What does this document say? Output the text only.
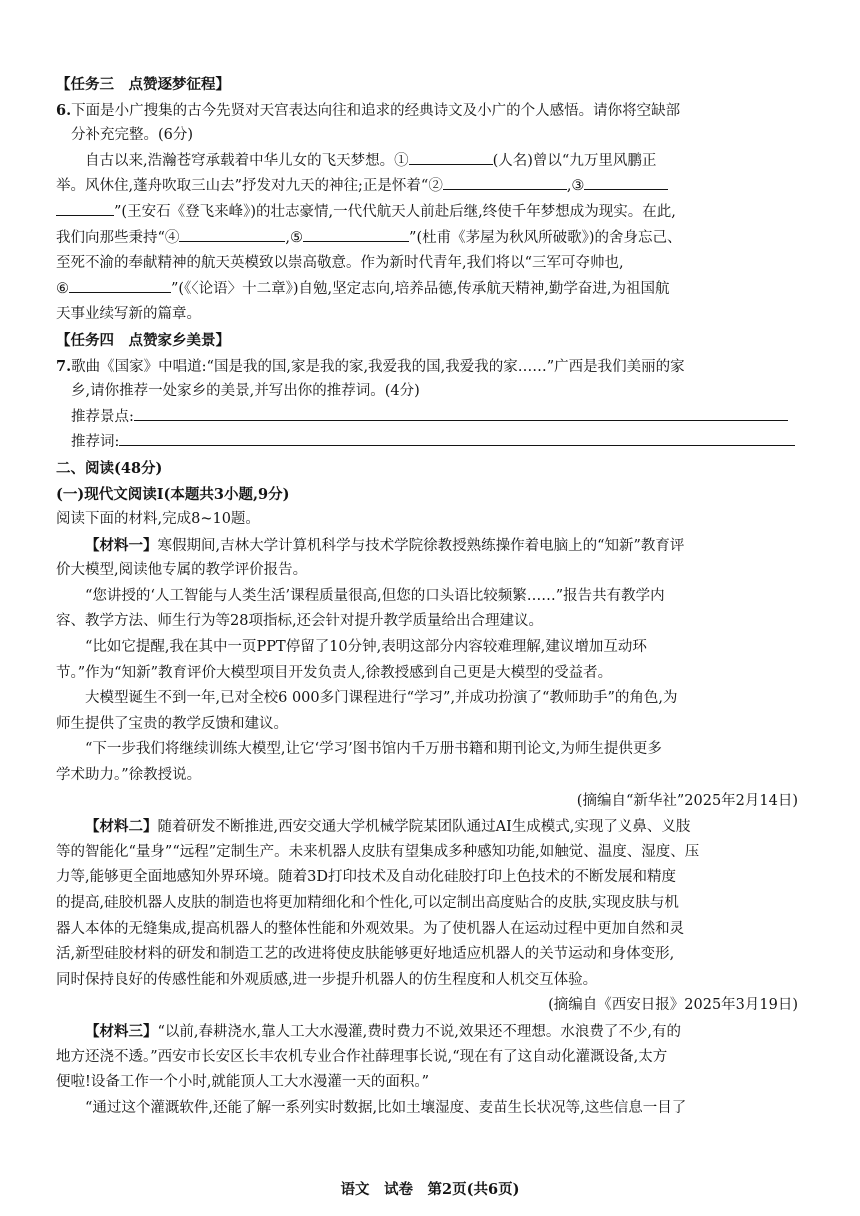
【任务三　点赞逐梦征程】
6.下面是小广搜集的古今先贤对天宫表达向往和追求的经典诗文及小广的个人感悟。请你将空缺部
分补充完整。(6分)
自古以来,浩瀚苍穹承载着中华儿女的飞天梦想。①	(人名)曾以“九万里风鹏正
举。风休住,蓬舟吹取三山去”抒发对九天的神往;正是怀着“②	,③
”(王安石《登飞来峰》)的壮志豪情,一代代航天人前赴后继,终使千年梦想成为现实。在此,
我们向那些秉持“④	,⑤	”(杜甫《茅屋为秋风所破歌》)的舍身忘己、
至死不渝的奉献精神的航天英模致以崇高敬意。作为新时代青年,我们将以“三军可夺帅也,
⑥	”(《〈论语〉十二章》)自勉,坚定志向,培养品德,传承航天精神,勤学奋进,为祖国航
天事业续写新的篇章。
【任务四　点赞家乡美景】
7.歌曲《国家》中唱道:“国是我的国,家是我的家,我爱我的国,我爱我的家……”广西是我们美丽的家
乡,请你推荐一处家乡的美景,并写出你的推荐词。(4分)
推荐景点:
推荐词:
二、阅读(48分)
(一)现代文阅读Ⅰ(本题共3小题,9分)
阅读下面的材料,完成8~10题。
【材料一】寒假期间,吉林大学计算机科学与技术学院徐教授熟练操作着电脑上的“知新”教育评
价大模型,阅读他专属的教学评价报告。
“您讲授的‘人工智能与人类生活’课程质量很高,但您的口头语比较频繁……”报告共有教学内
容、教学方法、师生行为等28项指标,还会针对提升教学质量给出合理建议。
“比如它提醒,我在其中一页PPT停留了10分钟,表明这部分内容较难理解,建议增加互动环
节。”作为“知新”教育评价大模型项目开发负责人,徐教授感到自己更是大模型的受益者。
大模型诞生不到一年,已对全校6 000多门课程进行“学习”,并成功扮演了“教师助手”的角色,为
师生提供了宝贵的教学反馈和建议。
“下一步我们将继续训练大模型,让它‘学习’图书馆内千万册书籍和期刊论文,为师生提供更多
学术助力。”徐教授说。
(摘编自“新华社”2025年2月14日)
【材料二】随着研发不断推进,西安交通大学机械学院某团队通过AI生成模式,实现了义鼻、义肢
等的智能化“量身”“远程”定制生产。未来机器人皮肤有望集成多种感知功能,如触觉、温度、湿度、压
力等,能够更全面地感知外界环境。随着3D打印技术及自动化硅胶打印上色技术的不断发展和精度
的提高,硅胶机器人皮肤的制造也将更加精细化和个性化,可以定制出高度贴合的皮肤,实现皮肤与机
器人本体的无缝集成,提高机器人的整体性能和外观效果。为了使机器人在运动过程中更加自然和灵
活,新型硅胶材料的研发和制造工艺的改进将使皮肤能够更好地适应机器人的关节运动和身体变形,
同时保持良好的传感性能和外观质感,进一步提升机器人的仿生程度和人机交互体验。
(摘编自《西安日报》2025年3月19日)
【材料三】“以前,春耕浇水,靠人工大水漫灌,费时费力不说,效果还不理想。水浪费了不少,有的
地方还浇不透。”西安市长安区长丰农机专业合作社薛理事长说,“现在有了这自动化灌溉设备,太方
便啦!设备工作一个小时,就能顶人工大水漫灌一天的面积。”
“通过这个灌溉软件,还能了解一系列实时数据,比如土壤湿度、麦苗生长状况等,这些信息一目了
语文　试卷　第2页(共6页)
